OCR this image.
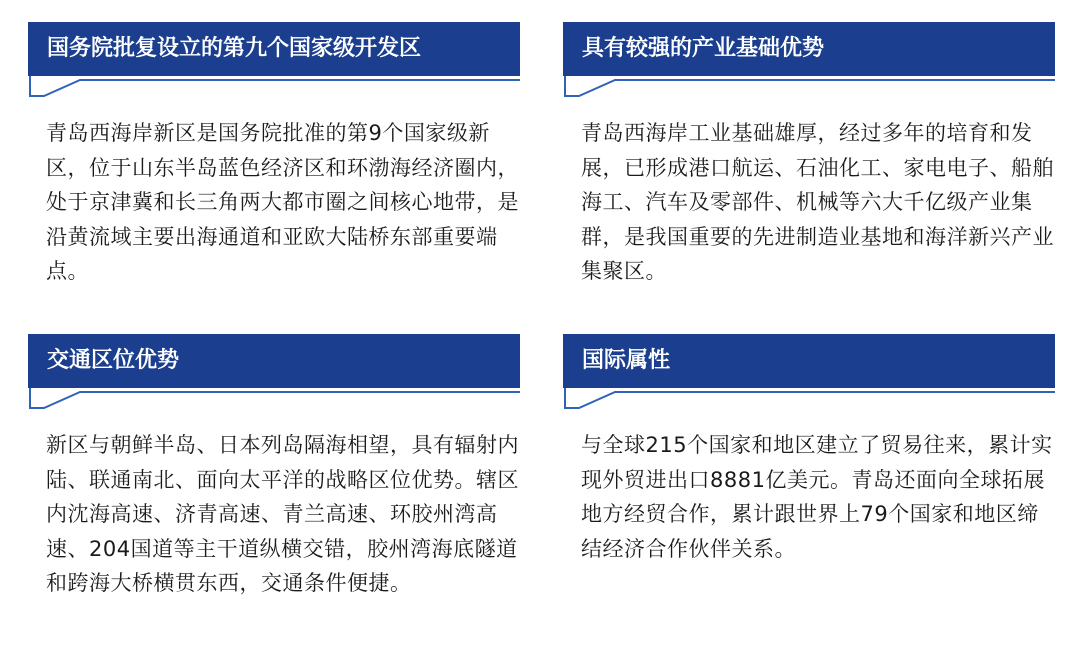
国务院批复设立的第九个国家级开发区
青岛西海岸新区是国务院批准的第9个国家级新区，位于山东半岛蓝色经济区和环渤海经济圈内，处于京津冀和长三角两大都市圈之间核心地带，是沿黄流域主要出海通道和亚欧大陆桥东部重要端点。
具有较强的产业基础优势
青岛西海岸工业基础雄厚，经过多年的培育和发展，已形成港口航运、石油化工、家电电子、船舶海工、汽车及零部件、机械等六大千亿级产业集群，是我国重要的先进制造业基地和海洋新兴产业集聚区。
交通区位优势
新区与朝鲜半岛、日本列岛隔海相望，具有辐射内陆、联通南北、面向太平洋的战略区位优势。辖区内沈海高速、济青高速、青兰高速、环胶州湾高速、204国道等主干道纵横交错，胶州湾海底隧道和跨海大桥横贯东西，交通条件便捷。
国际属性
与全球215个国家和地区建立了贸易往来，累计实现外贸进出口8881亿美元。青岛还面向全球拓展地方经贸合作，累计跟世界上79个国家和地区缔结经济合作伙伴关系。
